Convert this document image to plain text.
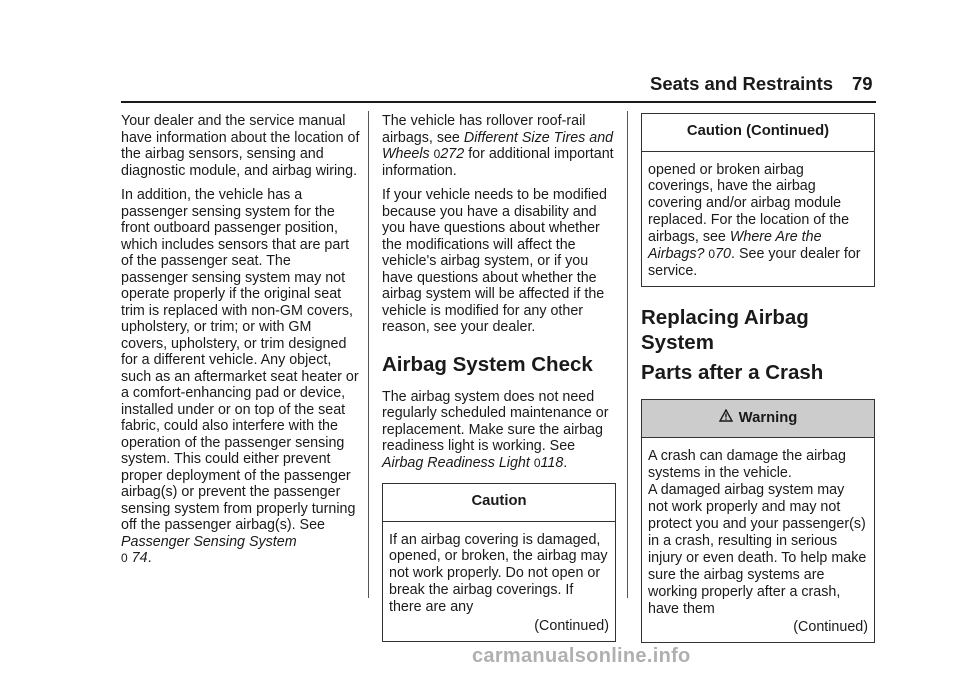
Seats and Restraints 79

Your dealer and the service manual have information about the location of the airbag sensors, sensing and diagnostic module, and airbag wiring.

In addition, the vehicle has a passenger sensing system for the front outboard passenger position, which includes sensors that are part of the passenger seat. The passenger sensing system may not operate properly if the original seat trim is replaced with non-GM covers, upholstery, or trim; or with GM covers, upholstery, or trim designed for a different vehicle. Any object, such as an aftermarket seat heater or a comfort-enhancing pad or device, installed under or on top of the seat fabric, could also interfere with the operation of the passenger sensing system. This could either prevent proper deployment of the passenger airbag(s) or prevent the passenger sensing system from properly turning off the passenger airbag(s). See Passenger Sensing System
0 74.

The vehicle has rollover roof-rail airbags, see Different Size Tires and Wheels 0272 for additional important information.

If your vehicle needs to be modified because you have a disability and you have questions about whether the modifications will affect the vehicle's airbag system, or if you have questions about whether the airbag system will be affected if the vehicle is modified for any other reason, see your dealer.

Airbag System Check

The airbag system does not need regularly scheduled maintenance or replacement. Make sure the airbag readiness light is working. See Airbag Readiness Light 0118.

Caution

If an airbag covering is damaged, opened, or broken, the airbag may not work properly. Do not open or break the airbag coverings. If there are any

(Continued)
Caution (Continued)

opened or broken airbag coverings, have the airbag covering and/or airbag module replaced. For the location of the airbags, see Where Are the Airbags? 070. See your dealer for service.

Replacing Airbag System

Parts after a Crash

Warning

A crash can damage the airbag systems in the vehicle.

A damaged airbag system may not work properly and may not protect you and your passenger(s) in a crash, resulting in serious injury or even death. To help make sure the airbag systems are working properly after a crash, have them

(Continued)
carmanualsonline.info
